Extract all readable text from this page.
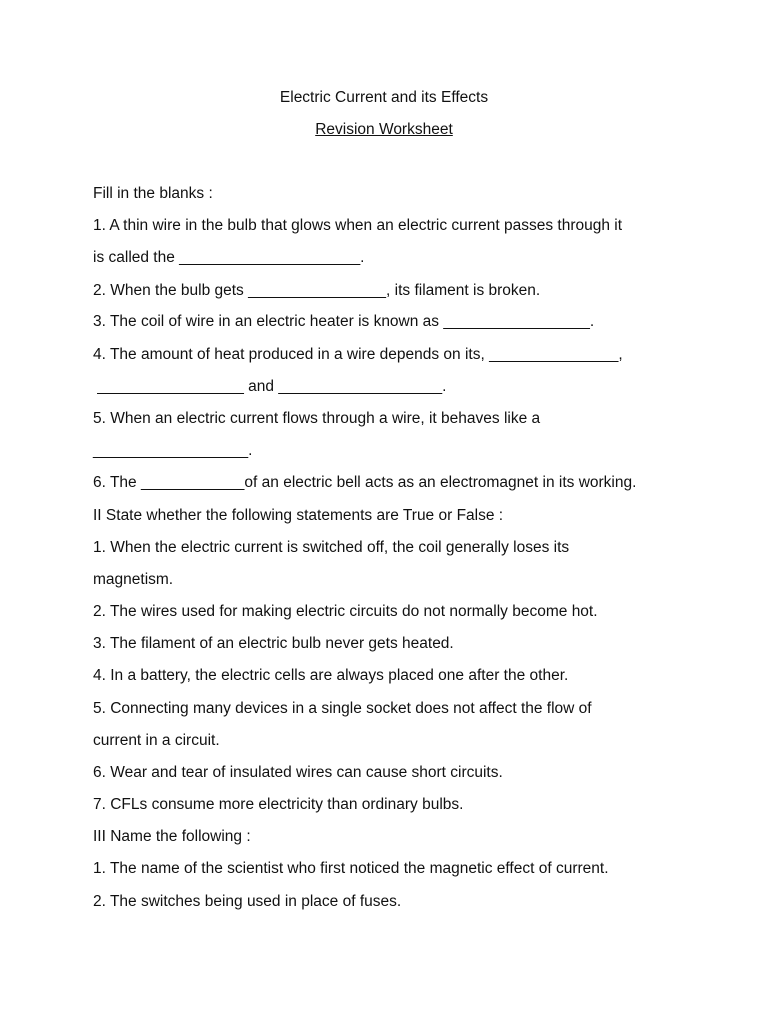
Electric Current and its Effects
Revision Worksheet
Fill in the blanks :
1. A thin wire in the bulb that glows when an electric current passes through it
is called the _____________________.
2. When the bulb gets ________________, its filament is broken.
3. The coil of wire in an electric heater is known as _________________.
4. The amount of heat produced in a wire depends on its, _______________,
_________________ and ___________________.
5. When an electric current flows through a wire, it behaves like a
__________________.
6. The ____________of an electric bell acts as an electromagnet in its working.
II State whether the following statements are True or False :
1. When the electric current is switched off, the coil generally loses its
magnetism.
2. The wires used for making electric circuits do not normally become hot.
3. The filament of an electric bulb never gets heated.
4. In a battery, the electric cells are always placed one after the other.
5. Connecting many devices in a single socket does not affect the flow of
current in a circuit.
6. Wear and tear of insulated wires can cause short circuits.
7. CFLs consume more electricity than ordinary bulbs.
III Name the following :
1. The name of the scientist who first noticed the magnetic effect of current.
2. The switches being used in place of fuses.
